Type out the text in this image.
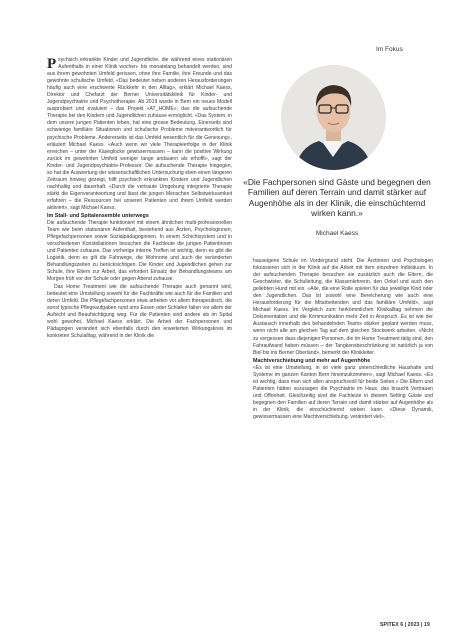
Im Fokus

Psychisch erkrankte Kinder und Jugendliche, die während eines stationären Aufenthalts in einer Klinik wochen- bis monatelang behandelt werden, sind aus ihrem gewohnten Umfeld gerissen, ohne ihre Familie, ihre Freunde und das gewohnte schulische Umfeld. «Das bedeutet neben anderen Herausforderungen häufig auch eine erschwerte Rückkehr in den Alltag», erklärt Michael Kaess, Direktor und Chefarzt der Berner Universitätsklinik für Kinder- und Jugendpsychiatrie und Psychotherapie. Ab 2019 wurde in Bern ein neues Modell ausprobiert und evaluiert – das Projekt «AT_HOME», das die aufsuchende Therapie bei den Kindern und Jugendlichen zuhause ermöglicht. «Das System, in dem unsere jungen Patienten leben, hat eine grosse Bedeutung. Einerseits sind schwierige familiäre Situationen und schulische Probleme mitverantwortlich für psychische Probleme. Andererseits ist das Umfeld wesentlich für die Genesung», erläutert Michael Kaess. «Auch wenn wir viele Therapieerfolge in der Klinik erreichen – unter der Käseglocke gewissermassen – kann die positive Wirkung zurück im gewohnten Umfeld weniger lange andauern als erhofft», sagt der Kinder- und Jugendpsychiatrie-Professor. Die aufsuchende Therapie hingegen, so hat die Auswertung der wissenschaftlichen Untersuchung eben einen längeren Zeitraum hinweg gezeigt, hilft psychisch erkrankten Kindern und Jugendlichen nachhaltig und dauerhaft. «Durch die vertraute Umgebung integrierte Therapie stärkt die Eigenverantwortung und lässt die jungen Menschen Selbstwirksamkeit erfahren – die Ressourcen bei unseren Patienten und ihrem Umfeld werden aktiviert», sagt Michael Kaess.

Im Stall- und Spitalensemble unterwegs

Die aufsuchende Therapie funktioniert mit einem ähnlichen multi-professionellen Team wie beim stationären Aufenthalt, bestehend aus Ärzten, Psychologinnen, Pflegefachpersonen sowie Sozialpädagoginnen. In einem Schichtsystem und in verschiedenen Konstellationen besuchen die Fachleute die jungen Patientinnen und Patienten zuhause. Das vorherige interne Treffen ist wichtig, denn es gibt die Logistik, denn es gilt die Fahrwege, die Wohnorte und auch die veränderten Behandlungszeiten zu berücksichtigen. Die Kinder und Jugendlichen gehen zur Schule, ihre Eltern zur Arbeit, das erfordert Einsatz der Behandlungsteams am Morgen früh vor der Schule oder gegen Abend zuhause.

Das Home Treatment wie die aufsuchende Therapie auch genannt wird, bedeutet eine Umstellung sowohl für die Fachkräfte wie auch für die Familien und deren Umfeld. Die Pflegefachpersonen etwa arbeiten vor allem therapeutisch, die sonst typische Pflegeaufgaben rund ums Essen oder Schlafen fallen vor allem der Aufsicht und Beaufsichtigung weg. Für die Patienten sind andere als im Spital wohl gewohnt, Michael Kaess erklärt. Die Arbeit der Fachpersonen und Pädagogen verändert sich ebenfalls durch den erweiterten Wirkungskreis im konkreten Schulalltag, während in der Klinik die

«Die Fachpersonen sind Gäste und begegnen den Familien auf deren Terrain und damit stärker auf Augenhöhe als in der Klinik, die einschüchternd wirken kann.»
Michael Kaess

hauseigene Schule im Vordergrund steht. Die Ärztinnen und Psychologen fokussieren sich in der Klinik auf die Arbeit mit dem einzelnen Individuum. In der aufsuchenden Therapie besuchen sie zusätzlich auch die Eltern, die Geschwister, die Schulleitung, die Klassenlehrerin, den Onkel und auch den geliebten Hund mit ein. «Alle, die eine Rolle spielen für das jeweilige Kind oder den Jugendlichen. Das ist sowohl eine Bereicherung wie auch eine Herausforderung für die Mitarbeitenden und das familiäre Umfeld», sagt Michael Kaess. Im Vergleich zum herkömmlichen Klinikalltag nehmen die Dokumentation und die Kommunikation mehr Zeit in Anspruch. Es ist wie der Austausch innerhalb des behandelnden Teams stärker geplant werden muss, wenn nicht alle am gleichen Tag auf dem gleichen Stockwerk arbeiten. «Nicht zu vergessen dass diejenigen Personen, die im Home Treatment tätig sind, den Fahraufwand haben müssen – der Tangkensbeschränkung ist natürlich ja von Biel bis ins Berner Oberland», bemerkt der Klinikleiter.

Machtverschiebung und mehr auf Augenhöhe

«Es ist eine Umstellung, in so viele ganz unterschiedliche Haushalte und Systeme im ganzen Kanton Bern hineinzukommen», sagt Michael Kaess. «Es ist wichtig, dass man sich allen anspruchsvoll für beide Seiten.» Die Eltern und Patienten hätten sozusagen die Psychiatrie im Haus, das braucht Vertrauen und Offenheit. Gleichzeitig sind die Fachleute in diesem Setting Gäste und begegnen den Familien auf deren Terrain und damit stärker auf Augenhöhe als in der Klinik, die einschüchternd wirken kann. «Diese Dynamik, gewissermassen eine Machtverschiebung, verändert viel».

SPITEX 6 | 2023 | 19
